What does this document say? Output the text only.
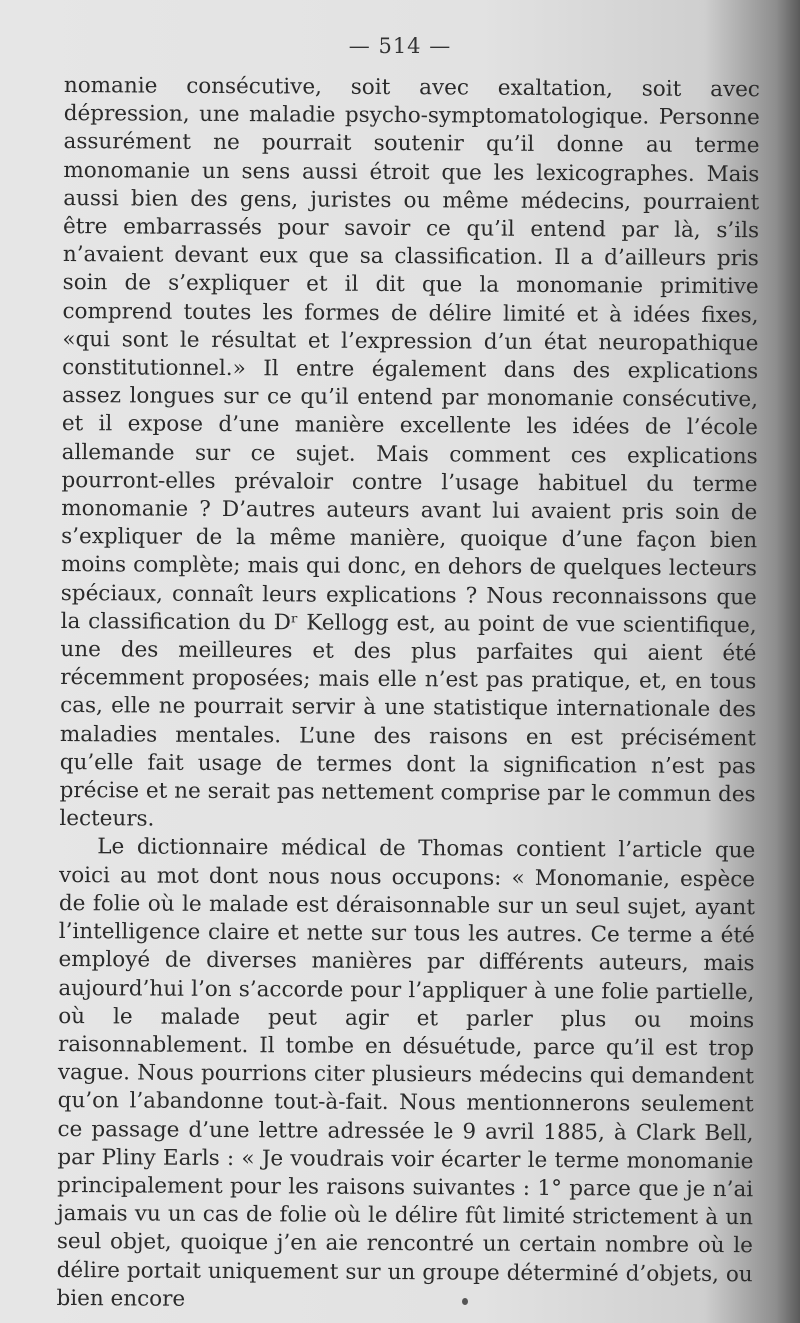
— 514 —

nomanie consécutive, soit avec exaltation, soit avec dépression, une maladie psycho-symptomatologique. Personne assurément ne pourrait soutenir qu’il donne au terme monomanie un sens aussi étroit que les lexicographes. Mais aussi bien des gens, juristes ou même médecins, pourraient être embarrassés pour savoir ce qu’il entend par là, s’ils n’avaient devant eux que sa classification. Il a d’ailleurs pris soin de s’expliquer et il dit que la monomanie primitive comprend toutes les formes de délire limité et à idées fixes, «qui sont le résultat et l’expression d’un état neuropathique constitutionnel.» Il entre également dans des explications assez longues sur ce qu’il entend par monomanie consécutive, et il expose d’une manière excellente les idées de l’école allemande sur ce sujet. Mais comment ces explications pourront-elles prévaloir contre l’usage habituel du terme monomanie ? D’autres auteurs avant lui avaient pris soin de s’expliquer de la même manière, quoique d’une façon bien moins complète; mais qui donc, en dehors de quelques lecteurs spéciaux, connaît leurs explications ? Nous reconnaissons que la classification du Dʳ Kellogg est, au point de vue scientifique, une des meilleures et des plus parfaites qui aient été récemment proposées; mais elle n’est pas pratique, et, en tous cas, elle ne pourrait servir à une statistique internationale des maladies mentales. L’une des raisons en est précisément qu’elle fait usage de termes dont la signification n’est pas précise et ne serait pas nettement comprise par le commun des lecteurs.

Le dictionnaire médical de Thomas contient l’article que voici au mot dont nous nous occupons: « Monomanie, espèce de folie où le malade est déraisonnable sur un seul sujet, ayant l’intelligence claire et nette sur tous les autres. Ce terme a été employé de diverses manières par différents auteurs, mais aujourd’hui l’on s’accorde pour l’appliquer à une folie partielle, où le malade peut agir et parler plus ou moins raisonnablement. Il tombe en désuétude, parce qu’il est trop vague. Nous pourrions citer plusieurs médecins qui demandent qu’on l’abandonne tout-à-fait. Nous mentionnerons seulement ce passage d’une lettre adressée le 9 avril 1885, à Clark Bell, par Pliny Earls : « Je voudrais voir écarter le terme monomanie principalement pour les raisons suivantes : 1° parce que je n’ai jamais vu un cas de folie où le délire fût limité strictement à un seul objet, quoique j’en aie rencontré un certain nombre où le délire portait uniquement sur un groupe déterminé d’objets, ou bien encore
